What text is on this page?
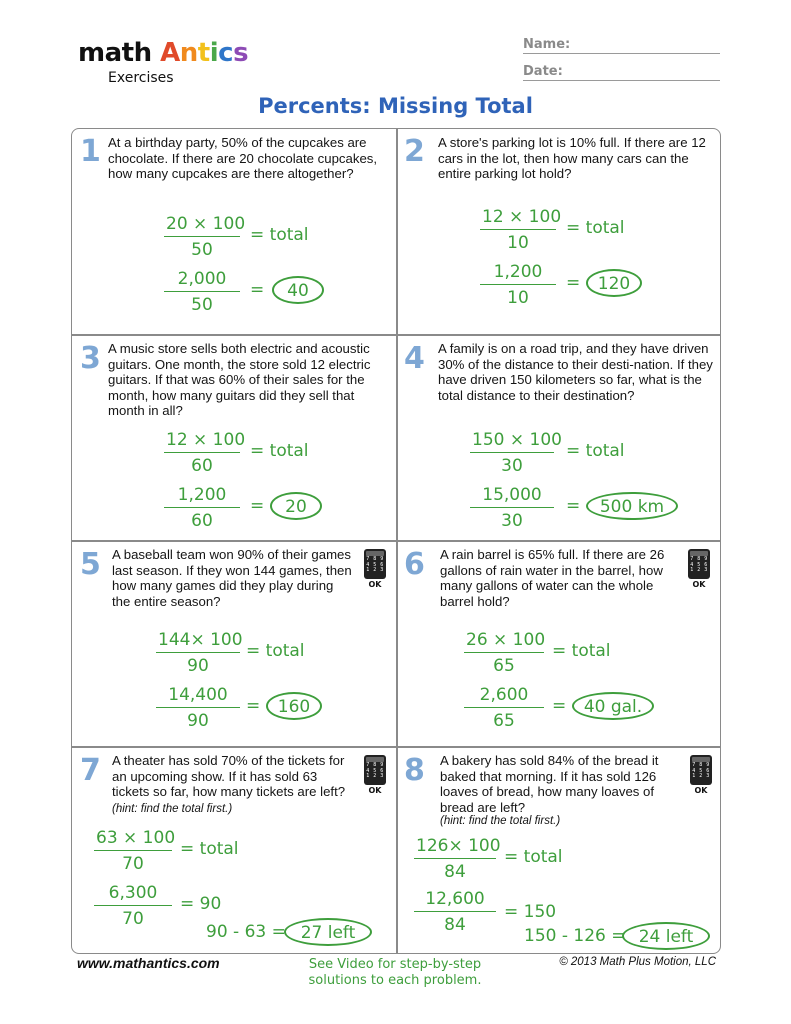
math Antics
Exercises
Name:
Date:
Percents: Missing Total
1 At a birthday party, 50% of the cupcakes are chocolate. If there are 20 chocolate cupcakes, how many cupcakes are there altogether?
$\frac{20 \times 100}{50}$ = total
$\frac{2,000}{50}$ =	40
2 A store's parking lot is 10% full. If there are 12 cars in the lot, then how many cars can the entire parking lot hold?
$\frac{12 \times 100}{10}$ = total
$\frac{1,200}{10}$ =	120
3 A music store sells both electric and acoustic guitars. One month, the store sold 12 electric guitars. If that was 60% of their sales for the month, how many guitars did they sell that month in all?
$\frac{12 \times 100}{60}$ = total
$\frac{1,200}{60}$ =	20
4 A family is on a road trip, and they have driven 30% of the distance to their desti-nation. If they have driven 150 kilometers so far, what is the total distance to their destination?
$\frac{150 \times 100}{30}$ = total
$\frac{15,000}{30}$ =	500 km
5 A baseball team won 90% of their games last season. If they won 144 games, then how many games did they play during the entire season?
7 8 9 4 5 6 1 2 3
OK
$\frac{144\times 100}{90}$ = total
$\frac{14,400}{90}$ =	160
6 A rain barrel is 65% full. If there are 26 gallons of rain water in the barrel, how many gallons of water can the whole barrel hold?
7 8 9 4 5 6 1 2 3
OK
$\frac{26 \times 100}{65}$ = total
$\frac{2,600}{65}$ =	40 gal.
7 A theater has sold 70% of the tickets for an upcoming show. If it has sold 63 tickets so far, how many tickets are left? (hint: find the total first.)
7 8 9 4 5 6 1 2 3
OK
$\frac{63 \times 100}{70}$ = total
$\frac{6,300}{70} = 90$
90 - 63 = 27 left
8 A bakery has sold 84% of the bread it baked that morning. If it has sold 126 loaves of bread, how many loaves of bread are left?
(hint: find the total first.)
7 8 9 4 5 6 1 2 3
OK
$\frac{126\times 100}{84}$ = total
$\frac{12,600}{84} = 150$
150 - 126 = 24 left
www.mathantics.com	See Video for step-by-step solutions to each problem.
© 2013 Math Plus Motion, LLC
